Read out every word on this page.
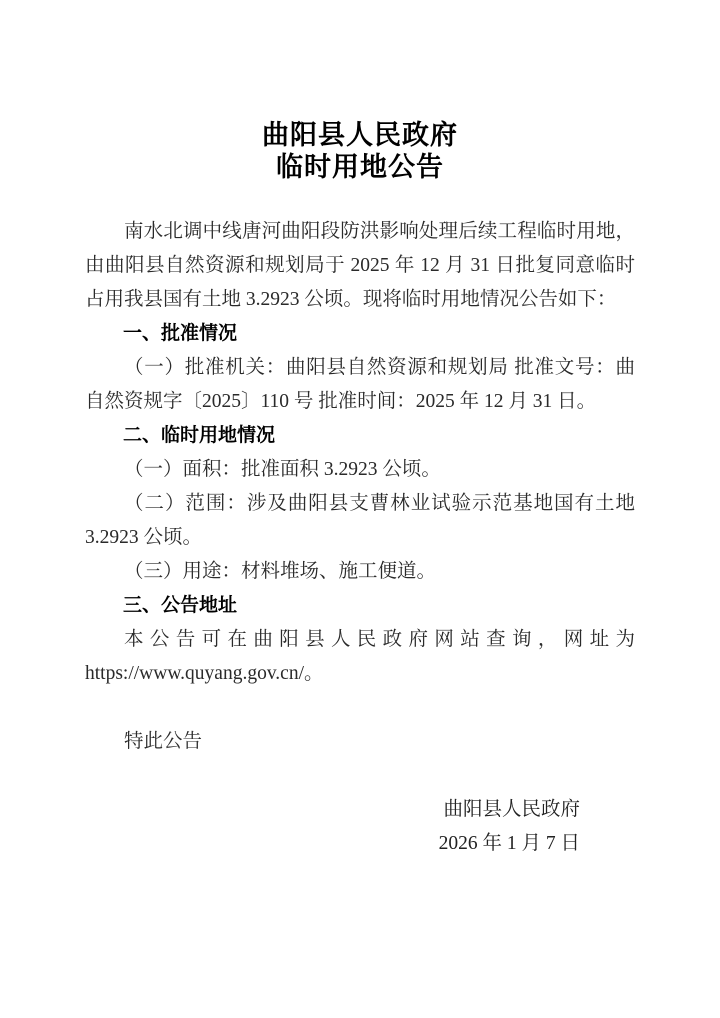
曲阳县人民政府
临时用地公告

南水北调中线唐河曲阳段防洪影响处理后续工程临时用地，由曲阳县自然资源和规划局于 2025 年 12 月 31 日批复同意临时占用我县国有土地 3.2923 公顷。现将临时用地情况公告如下：

一、批准情况

（一）批准机关：曲阳县自然资源和规划局 批准文号：曲自然资规字〔2025〕110 号 批准时间：2025 年 12 月 31 日。

二、临时用地情况

（一）面积：批准面积 3.2923 公顷。

（二）范围：涉及曲阳县支曹林业试验示范基地国有土地 3.2923 公顷。

（三）用途：材料堆场、施工便道。

三、公告地址

本公告可在曲阳县人民政府网站查询，网址为 https://www.quyang.gov.cn/。

特此公告

曲阳县人民政府

2026 年 1 月 7 日
